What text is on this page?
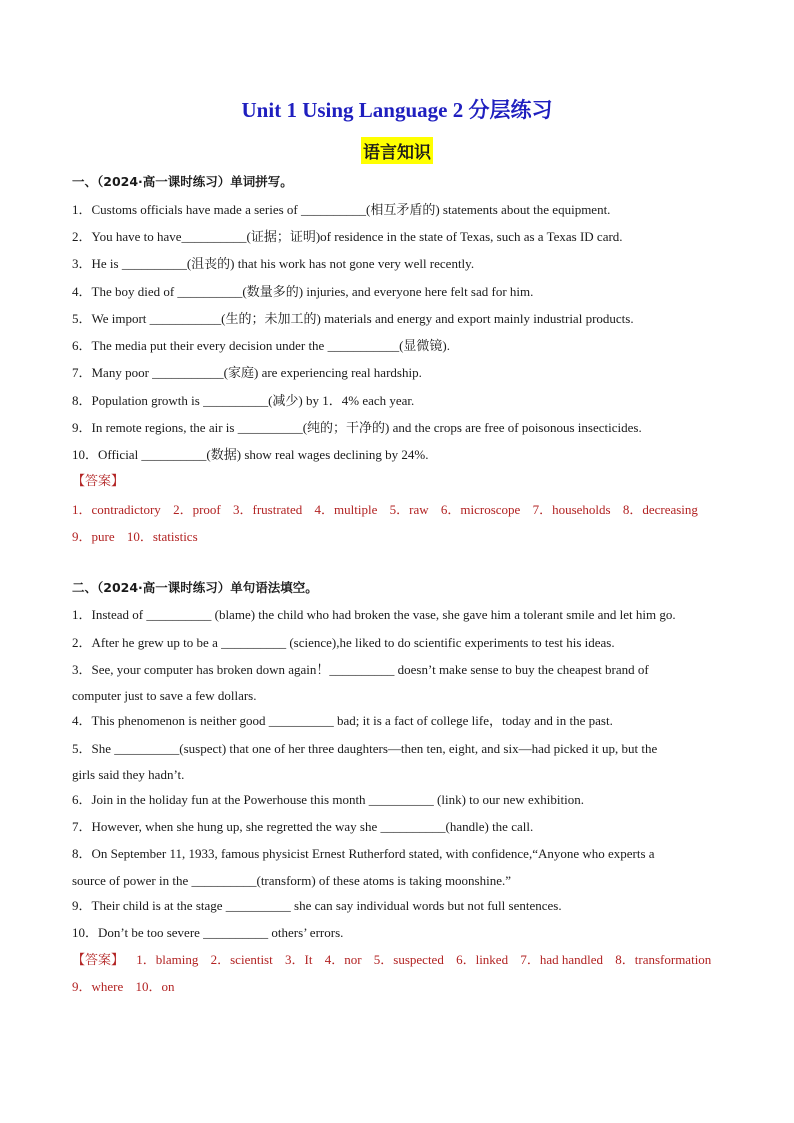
Unit 1 Using Language 2 分层练习
语言知识
一、（2024·高一课时练习）单词拼写。
1．Customs officials have made a series of __________(相互矛盾的) statements about the equipment.
2．You have to have__________(证据；证明)of residence in the state of Texas, such as a Texas ID card.
3．He is __________(沮丧的) that his work has not gone very well recently.
4．The boy died of __________(数量多的) injuries, and everyone here felt sad for him.
5．We import ___________(生的；未加工的) materials and energy and export mainly industrial products.
6．The media put their every decision under the ___________(显微镜).
7．Many poor ___________(家庭) are experiencing real hardship.
8．Population growth is __________(减少) by 1．4% each year.
9．In remote regions, the air is __________(纯的；干净的) and the crops are free of poisonous insecticides.
10．Official __________(数据) show real wages declining by 24%.
【答案】
1．contradictory 2．proof 3．frustrated 4．multiple 5．raw 6．microscope 7．households 8．decreasing
9．pure 10．statistics
二、（2024·高一课时练习）单句语法填空。
1．Instead of __________ (blame) the child who had broken the vase, she gave him a tolerant smile and let him go.
2．After he grew up to be a __________ (science),he liked to do scientific experiments to test his ideas.
3．See, your computer has broken down again！__________ doesn’t make sense to buy the cheapest brand of
computer just to save a few dollars.
4．This phenomenon is neither good __________ bad; it is a fact of college life，today and in the past.
5．She __________(suspect) that one of her three daughters—then ten, eight, and six—had picked it up, but the
girls said they hadn’t.
6．Join in the holiday fun at the Powerhouse this month __________ (link) to our new exhibition.
7．However, when she hung up, she regretted the way she __________(handle) the call.
8．On September 11, 1933, famous physicist Ernest Rutherford stated, with confidence,“Anyone who experts a
source of power in the __________(transform) of these atoms is taking moonshine.”
9．Their child is at the stage __________ she can say individual words but not full sentences.
10．Don’t be too severe __________ others’ errors.
【答案】 1．blaming 2．scientist 3．It 4．nor 5．suspected 6．linked 7．had handled 8．transformation
9．where 10．on
